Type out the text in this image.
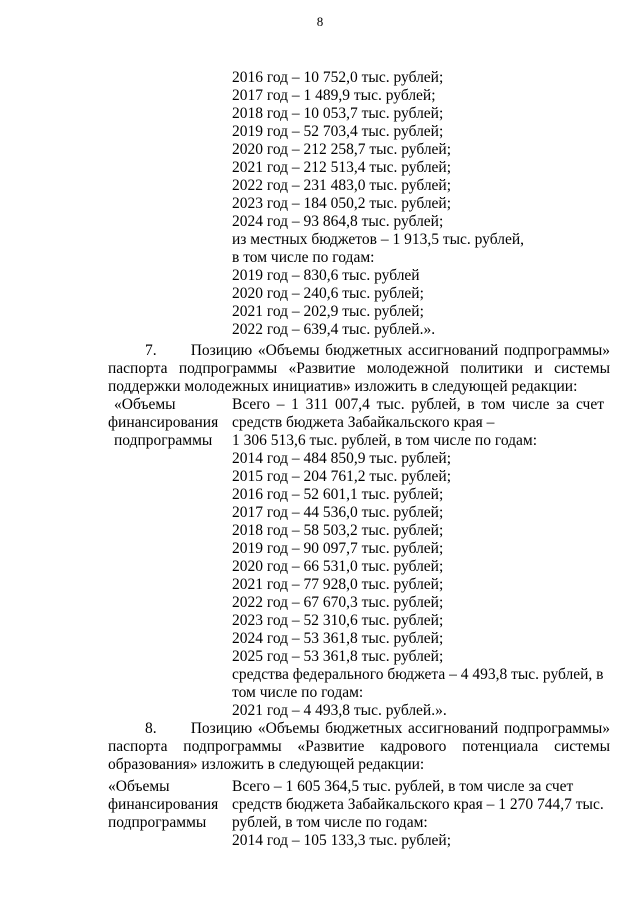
8
2016 год – 10 752,0 тыс. рублей;
2017 год – 1 489,9 тыс. рублей;
2018 год – 10 053,7 тыс. рублей;
2019 год – 52 703,4 тыс. рублей;
2020 год – 212 258,7 тыс. рублей;
2021 год – 212 513,4 тыс. рублей;
2022 год – 231 483,0 тыс. рублей;
2023 год – 184 050,2 тыс. рублей;
2024 год – 93 864,8 тыс. рублей;
из местных бюджетов – 1 913,5 тыс. рублей,
в том числе по годам:
2019 год – 830,6 тыс. рублей
2020 год – 240,6 тыс. рублей;
2021 год – 202,9 тыс. рублей;
2022 год – 639,4 тыс. рублей.».
7.      Позицию «Объемы бюджетных ассигнований подпрограммы»
паспорта подпрограммы «Развитие молодежной политики и системы
поддержки молодежных инициатив» изложить в следующей редакции:
«Объемы
финансирования
подпрограммы
Всего – 1 311 007,4 тыс. рублей, в том числе за счет
средств бюджета Забайкальского края –
1 306 513,6 тыс. рублей, в том числе по годам:
2014 год – 484 850,9 тыс. рублей;
2015 год – 204 761,2 тыс. рублей;
2016 год – 52 601,1 тыс. рублей;
2017 год – 44 536,0 тыс. рублей;
2018 год – 58 503,2 тыс. рублей;
2019 год – 90 097,7 тыс. рублей;
2020 год – 66 531,0 тыс. рублей;
2021 год – 77 928,0 тыс. рублей;
2022 год – 67 670,3 тыс. рублей;
2023 год – 52 310,6 тыс. рублей;
2024 год – 53 361,8 тыс. рублей;
2025 год – 53 361,8 тыс. рублей;
средства федерального бюджета – 4 493,8 тыс. рублей, в
том числе по годам:
2021 год – 4 493,8 тыс. рублей.».
8.      Позицию «Объемы бюджетных ассигнований подпрограммы»
паспорта подпрограммы «Развитие кадрового потенциала системы
образования» изложить в следующей редакции:
«Объемы
финансирования
подпрограммы
Всего – 1 605 364,5 тыс. рублей, в том числе за счет
средств бюджета Забайкальского края – 1 270 744,7 тыс.
рублей, в том числе по годам:
2014 год – 105 133,3 тыс. рублей;
